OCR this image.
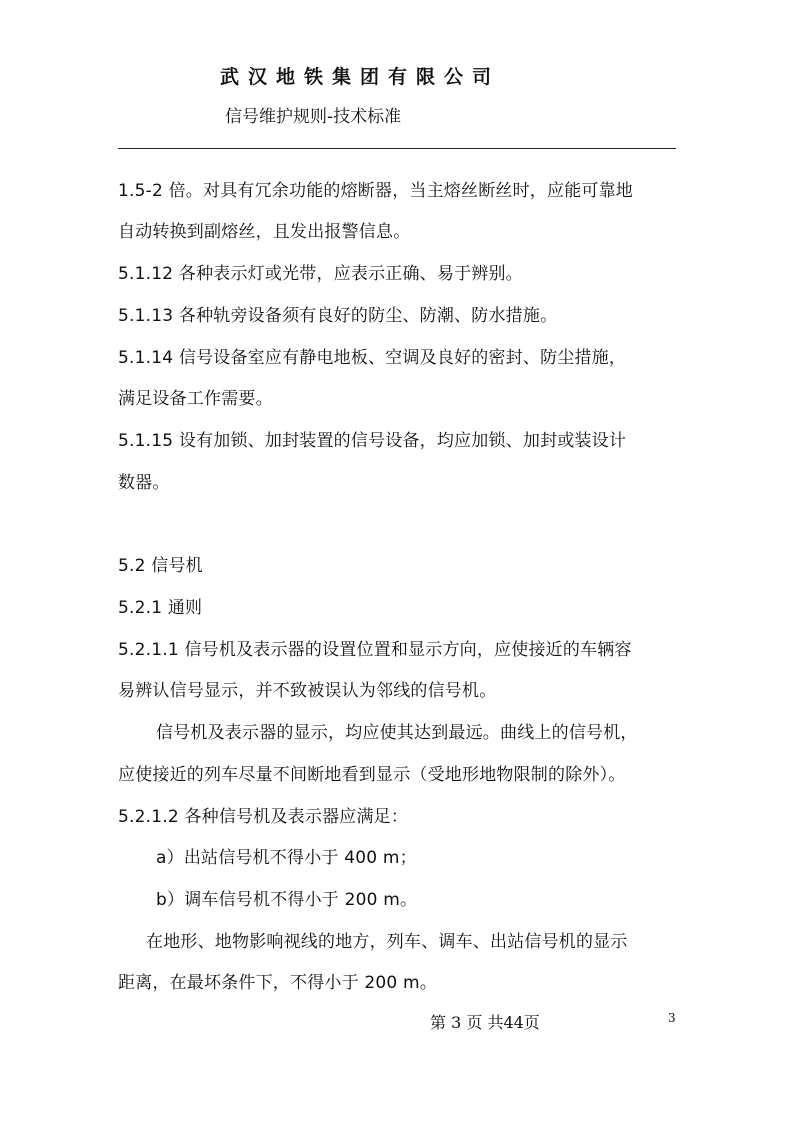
武汉地铁集团有限公司
信号维护规则-技术标准
1.5-2 倍。对具有冗余功能的熔断器，当主熔丝断丝时，应能可靠地
自动转换到副熔丝，且发出报警信息。
5.1.12 各种表示灯或光带，应表示正确、易于辨别。
5.1.13 各种轨旁设备须有良好的防尘、防潮、防水措施。
5.1.14 信号设备室应有静电地板、空调及良好的密封、防尘措施，
满足设备工作需要。
5.1.15 设有加锁、加封装置的信号设备，均应加锁、加封或装设计
数器。
5.2 信号机
5.2.1 通则
5.2.1.1 信号机及表示器的设置位置和显示方向，应使接近的车辆容
易辨认信号显示，并不致被误认为邻线的信号机。
信号机及表示器的显示，均应使其达到最远。曲线上的信号机，
应使接近的列车尽量不间断地看到显示（受地形地物限制的除外）。
5.2.1.2 各种信号机及表示器应满足：
a）出站信号机不得小于 400 m；
b）调车信号机不得小于 200 m。
在地形、地物影响视线的地方，列车、调车、出站信号机的显示
距离，在最坏条件下，不得小于 200 m。
第 3 页 共44页	3
